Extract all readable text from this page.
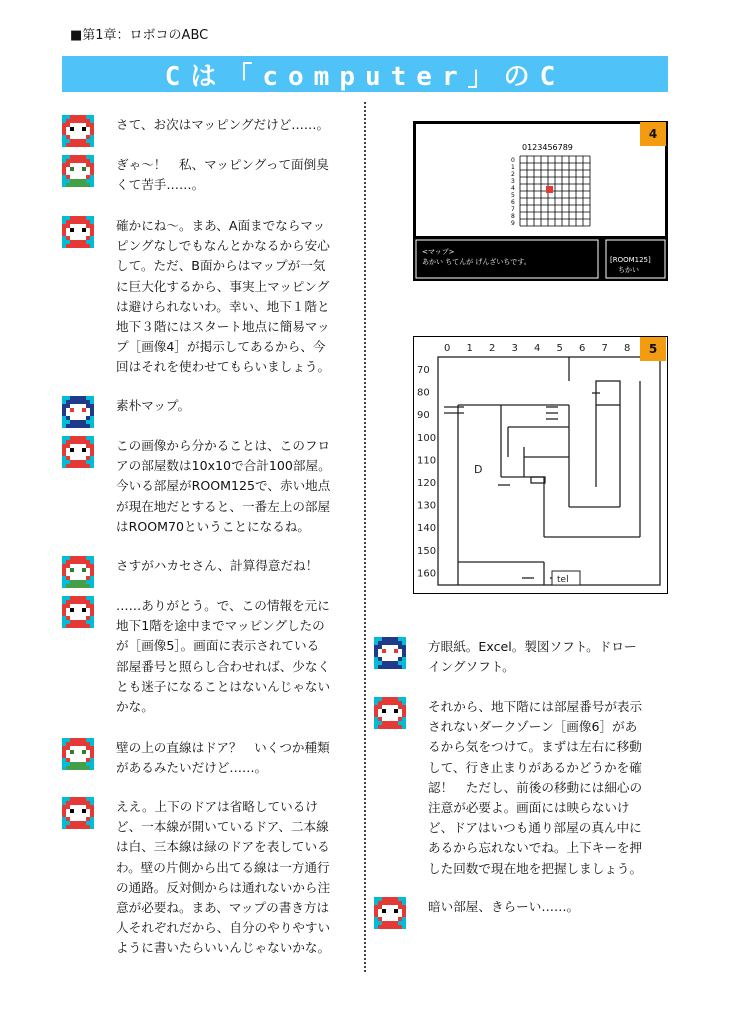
■第1章：ロボコのABC
Cは「computer」のC
さて、お次はマッピングだけど……。
ぎゃ〜！　私、マッピングって面倒臭
くて苦手……。
確かにね〜。まあ、A面までならマッ
ピングなしでもなんとかなるから安心
して。ただ、B面からはマップが一気
に巨大化するから、事実上マッピング
は避けられないわ。幸い、地下１階と
地下３階にはスタート地点に簡易マッ
プ［画像4］が掲示してあるから、今
回はそれを使わせてもらいましょう。
素朴マップ。
この画像から分かることは、このフロ
アの部屋数は10x10で合計100部屋。
今いる部屋がROOM125で、赤い地点
が現在地だとすると、一番左上の部屋
はROOM70ということになるね。
さすがハカセさん、計算得意だね！
……ありがとう。で、この情報を元に
地下1階を途中までマッピングしたの
が［画像5］。画面に表示されている
部屋番号と照らし合わせれば、少なく
とも迷子になることはないんじゃない
かな。
壁の上の直線はドア？　いくつか種類
があるみたいだけど……。
ええ。上下のドアは省略しているけ
ど、一本線が開いているドア、二本線
は白、三本線は緑のドアを表している
わ。壁の片側から出てる線は一方通行
の通路。反対側からは通れないから注
意が必要ね。まあ、マップの書き方は
人それぞれだから、自分のやりやすい
ように書いたらいいんじゃないかな。
方眼紙。Excel。製図ソフト。ドロー
イングソフト。
それから、地下階には部屋番号が表示
されないダークゾーン［画像6］があ
るから気をつけて。まずは左右に移動
して、行き止まりがあるかどうかを確
認！　ただし、前後の移動には細心の
注意が必要よ。画面には映らないけ
ど、ドアはいつも通り部屋の真ん中に
あるから忘れないでね。上下キーを押
した回数で現在地を把握しましょう。
暗い部屋、きらーい……。
0123456789
0
1
2
3
4
5
6
7
8
9
<マップ>
あかい ちてんが げんざいちです。	[ROOM125]
ちかい
4
0 1 2 3 4 5 6 7 8
70
80
90
100
110
120
130
140
150
160
D
tel
5
